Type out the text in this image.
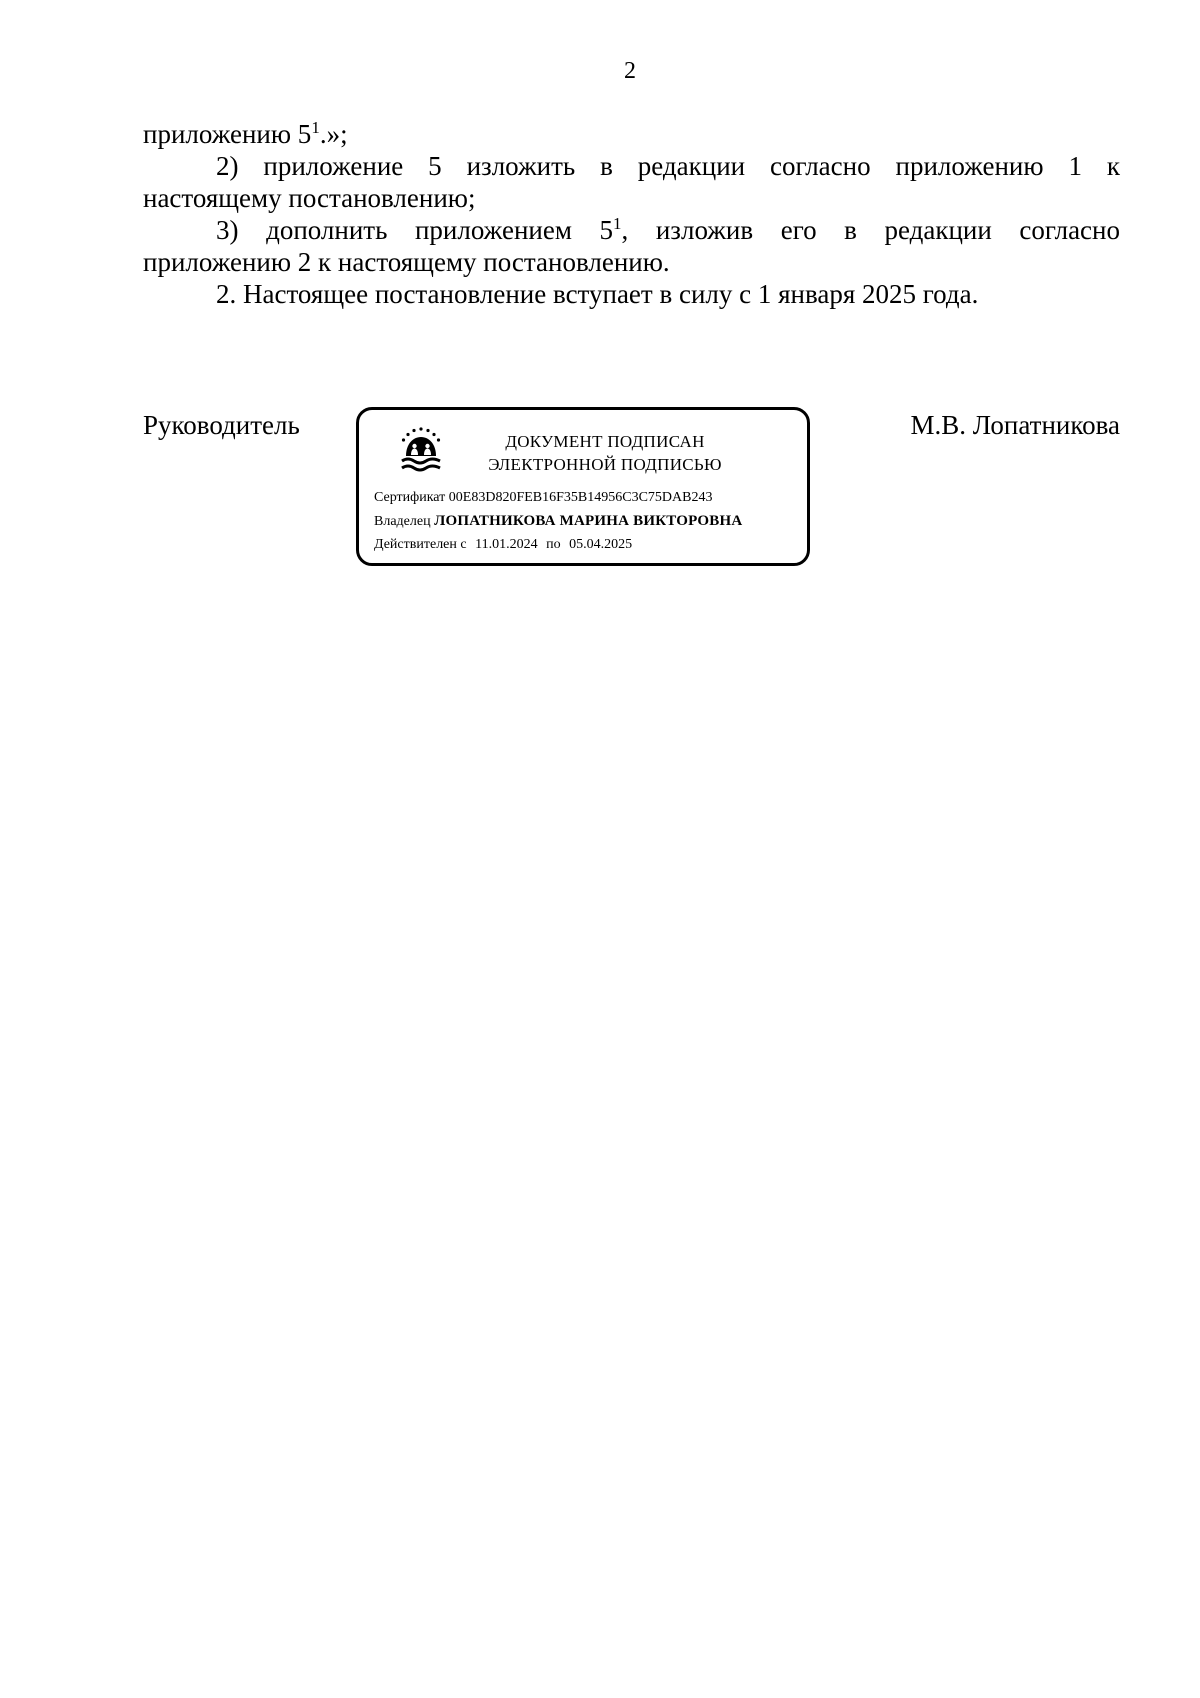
2

приложению $5^1$.»;

2) приложение 5 изложить в редакции согласно приложению 1 к

настоящему постановлению;

3) дополнить приложением $5^1$, изложив его в редакции согласно

приложению 2 к настоящему постановлению.

2. Настоящее постановление вступает в силу с 1 января 2025 года.

Руководитель
ДОКУМЕНТ ПОДПИСАН
ЭЛЕКТРОННОЙ ПОДПИСЬЮ
Сертификат 00E83D820FEB16F35B14956C3C75DAB243
Владелец ЛОПАТНИКОВА МАРИНА ВИКТОРОВНА
Действителен с 11.01.2024 по 05.04.2025
М.В. Лопатникова
